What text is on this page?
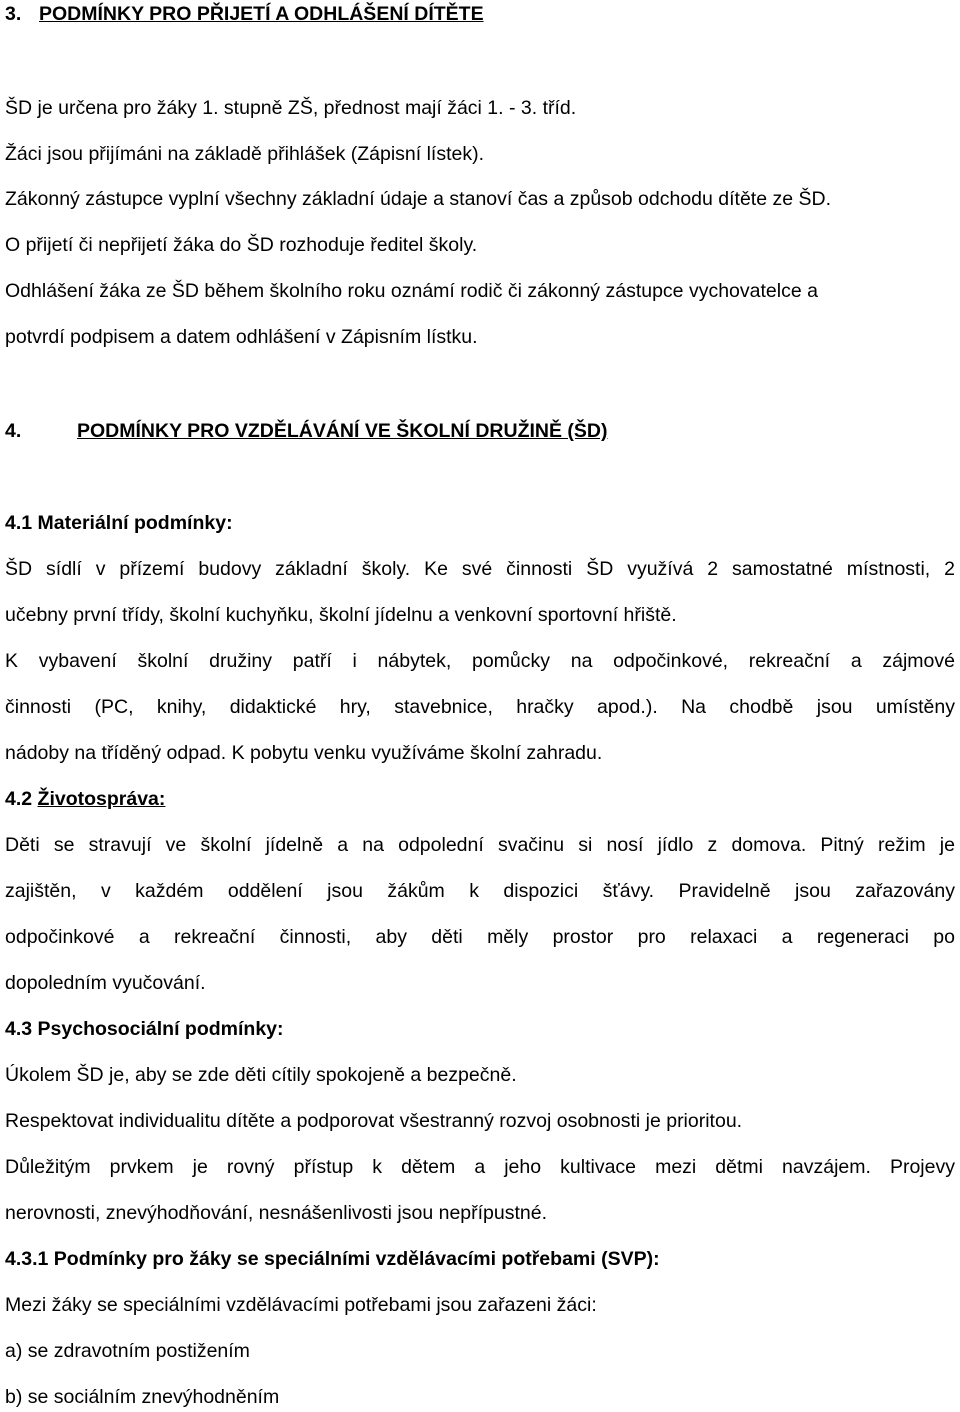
3. PODMÍNKY PRO PŘIJETÍ A ODHLÁŠENÍ DÍTĚTE

ŠD je určena pro žáky 1. stupně ZŠ, přednost mají žáci 1. - 3. tříd.

Žáci jsou přijímáni na základě přihlášek (Zápisní lístek).

Zákonný zástupce vyplní všechny základní údaje a stanoví čas a způsob odchodu dítěte ze ŠD.

O přijetí či nepřijetí žáka do ŠD rozhoduje ředitel školy.

Odhlášení žáka ze ŠD během školního roku oznámí rodič či zákonný zástupce vychovatelce a

potvrdí podpisem a datem odhlášení v Zápisním lístku.

4.	PODMÍNKY PRO VZDĚLÁVÁNÍ VE ŠKOLNÍ DRUŽINĚ (ŠD)

4.1 Materiální podmínky:

ŠD sídlí v přízemí budovy základní školy. Ke své činnosti ŠD využívá 2 samostatné místnosti, 2

učebny první třídy, školní kuchyňku, školní jídelnu a venkovní sportovní hřiště.

K vybavení školní družiny patří i nábytek, pomůcky na odpočinkové, rekreační a zájmové

činnosti (PC, knihy, didaktické hry, stavebnice, hračky apod.). Na chodbě jsou umístěny

nádoby na tříděný odpad. K pobytu venku využíváme školní zahradu.

4.2 Životospráva:

Děti se stravují ve školní jídelně a na odpolední svačinu si nosí jídlo z domova. Pitný režim je

zajištěn, v každém oddělení jsou žákům k dispozici šťávy. Pravidelně jsou zařazovány

odpočinkové a rekreační činnosti, aby děti měly prostor pro relaxaci a regeneraci po

dopoledním vyučování.

4.3 Psychosociální podmínky:

Úkolem ŠD je, aby se zde děti cítily spokojeně a bezpečně.

Respektovat individualitu dítěte a podporovat všestranný rozvoj osobnosti je prioritou.

Důležitým prvkem je rovný přístup k dětem a jeho kultivace mezi dětmi navzájem. Projevy

nerovnosti, znevýhodňování, nesnášenlivosti jsou nepřípustné.

4.3.1 Podmínky pro žáky se speciálními vzdělávacími potřebami (SVP):

Mezi žáky se speciálními vzdělávacími potřebami jsou zařazeni žáci:

a) se zdravotním postižením

b) se sociálním znevýhodněním
